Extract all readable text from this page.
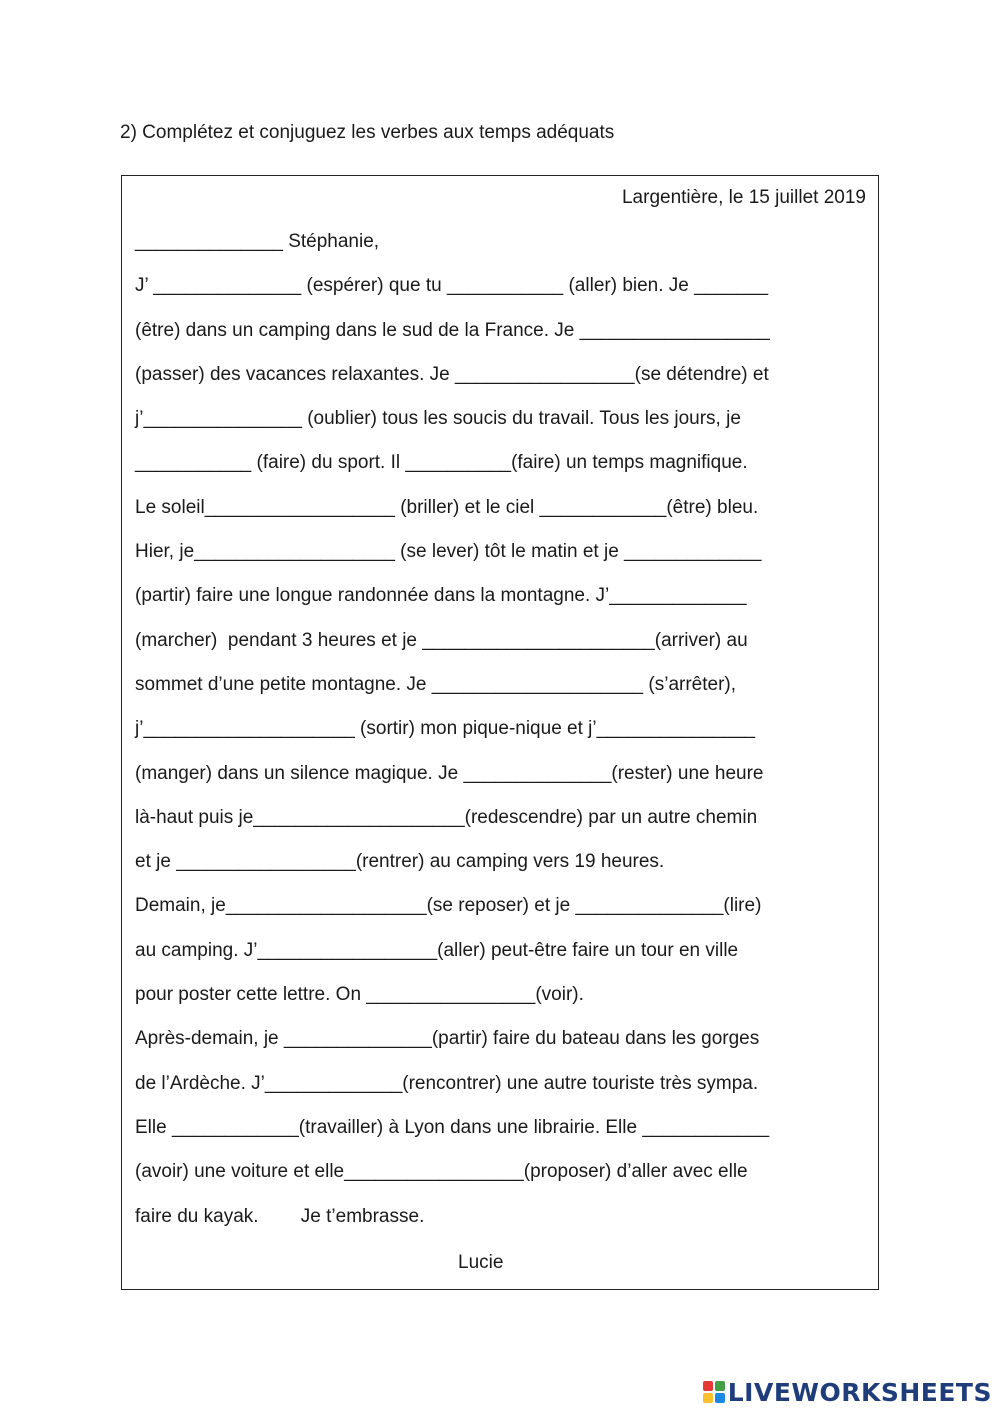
2) Complétez et conjuguez les verbes aux temps adéquats
Largentière, le 15 juillet 2019
______________ Stéphanie,
J’ ______________ (espérer) que tu ___________ (aller) bien. Je _______
(être) dans un camping dans le sud de la France. Je __________________
(passer) des vacances relaxantes. Je _________________(se détendre) et
j’_______________ (oublier) tous les soucis du travail. Tous les jours, je
___________ (faire) du sport. Il __________(faire) un temps magnifique.
Le soleil__________________ (briller) et le ciel ____________(être) bleu.
Hier, je___________________ (se lever) tôt le matin et je _____________
(partir) faire une longue randonnée dans la montagne. J’_____________
(marcher)  pendant 3 heures et je ______________________(arriver) au
sommet d’une petite montagne. Je ____________________ (s’arrêter),
j’____________________ (sortir) mon pique-nique et j’_______________
(manger) dans un silence magique. Je ______________(rester) une heure
là-haut puis je____________________(redescendre) par un autre chemin
et je _________________(rentrer) au camping vers 19 heures.
Demain, je___________________(se reposer) et je ______________(lire)
au camping. J’_________________(aller) peut-être faire un tour en ville
pour poster cette lettre. On ________________(voir).
Après-demain, je ______________(partir) faire du bateau dans les gorges
de l’Ardèche. J’_____________(rencontrer) une autre touriste très sympa.
Elle ____________(travailler) à Lyon dans une librairie. Elle ____________
(avoir) une voiture et elle_________________(proposer) d’aller avec elle
faire du kayak.        Je t’embrasse.
Lucie
LIVEWORKSHEETS
